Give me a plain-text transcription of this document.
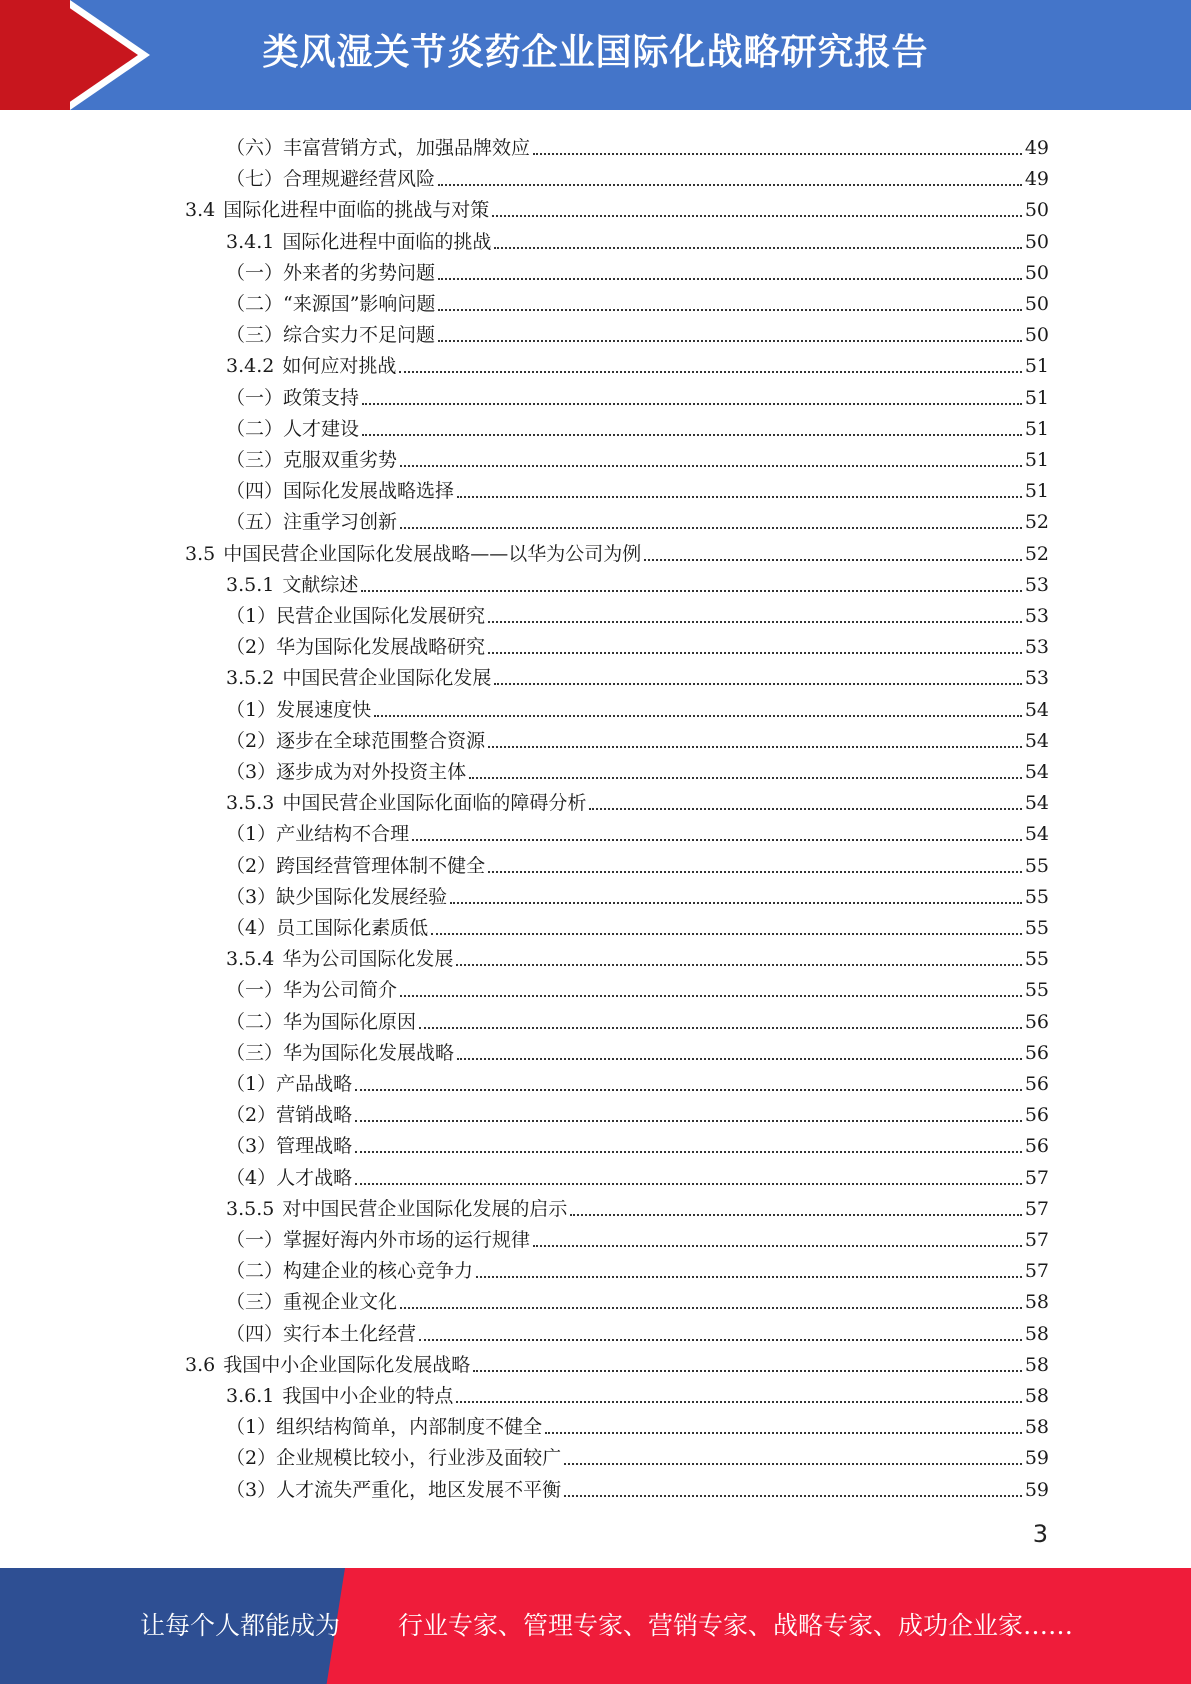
类风湿关节炎药企业国际化战略研究报告
（六）丰富营销方式，加强品牌效应	49
（七）合理规避经营风险	49
3.4 国际化进程中面临的挑战与对策	50
3.4.1 国际化进程中面临的挑战	50
（一）外来者的劣势问题	50
（二）“来源国”影响问题	50
（三）综合实力不足问题	50
3.4.2 如何应对挑战	51
（一）政策支持	51
（二）人才建设	51
（三）克服双重劣势	51
（四）国际化发展战略选择	51
（五）注重学习创新	52
3.5 中国民营企业国际化发展战略——以华为公司为例	52
3.5.1 文献综述	53
（1）民营企业国际化发展研究	53
（2）华为国际化发展战略研究	53
3.5.2 中国民营企业国际化发展	53
（1）发展速度快	54
（2）逐步在全球范围整合资源	54
（3）逐步成为对外投资主体	54
3.5.3 中国民营企业国际化面临的障碍分析	54
（1）产业结构不合理	54
（2）跨国经营管理体制不健全	55
（3）缺少国际化发展经验	55
（4）员工国际化素质低	55
3.5.4 华为公司国际化发展	55
（一）华为公司简介	55
（二）华为国际化原因	56
（三）华为国际化发展战略	56
（1）产品战略	56
（2）营销战略	56
（3）管理战略	56
（4）人才战略	57
3.5.5 对中国民营企业国际化发展的启示	57
（一）掌握好海内外市场的运行规律	57
（二）构建企业的核心竞争力	57
（三）重视企业文化	58
（四）实行本土化经营	58
3.6 我国中小企业国际化发展战略	58
3.6.1 我国中小企业的特点	58
（1）组织结构简单，内部制度不健全	58
（2）企业规模比较小，行业涉及面较广	59
（3）人才流失严重化，地区发展不平衡	59
3
让每个人都能成为 行业专家、管理专家、营销专家、战略专家、成功企业家……
